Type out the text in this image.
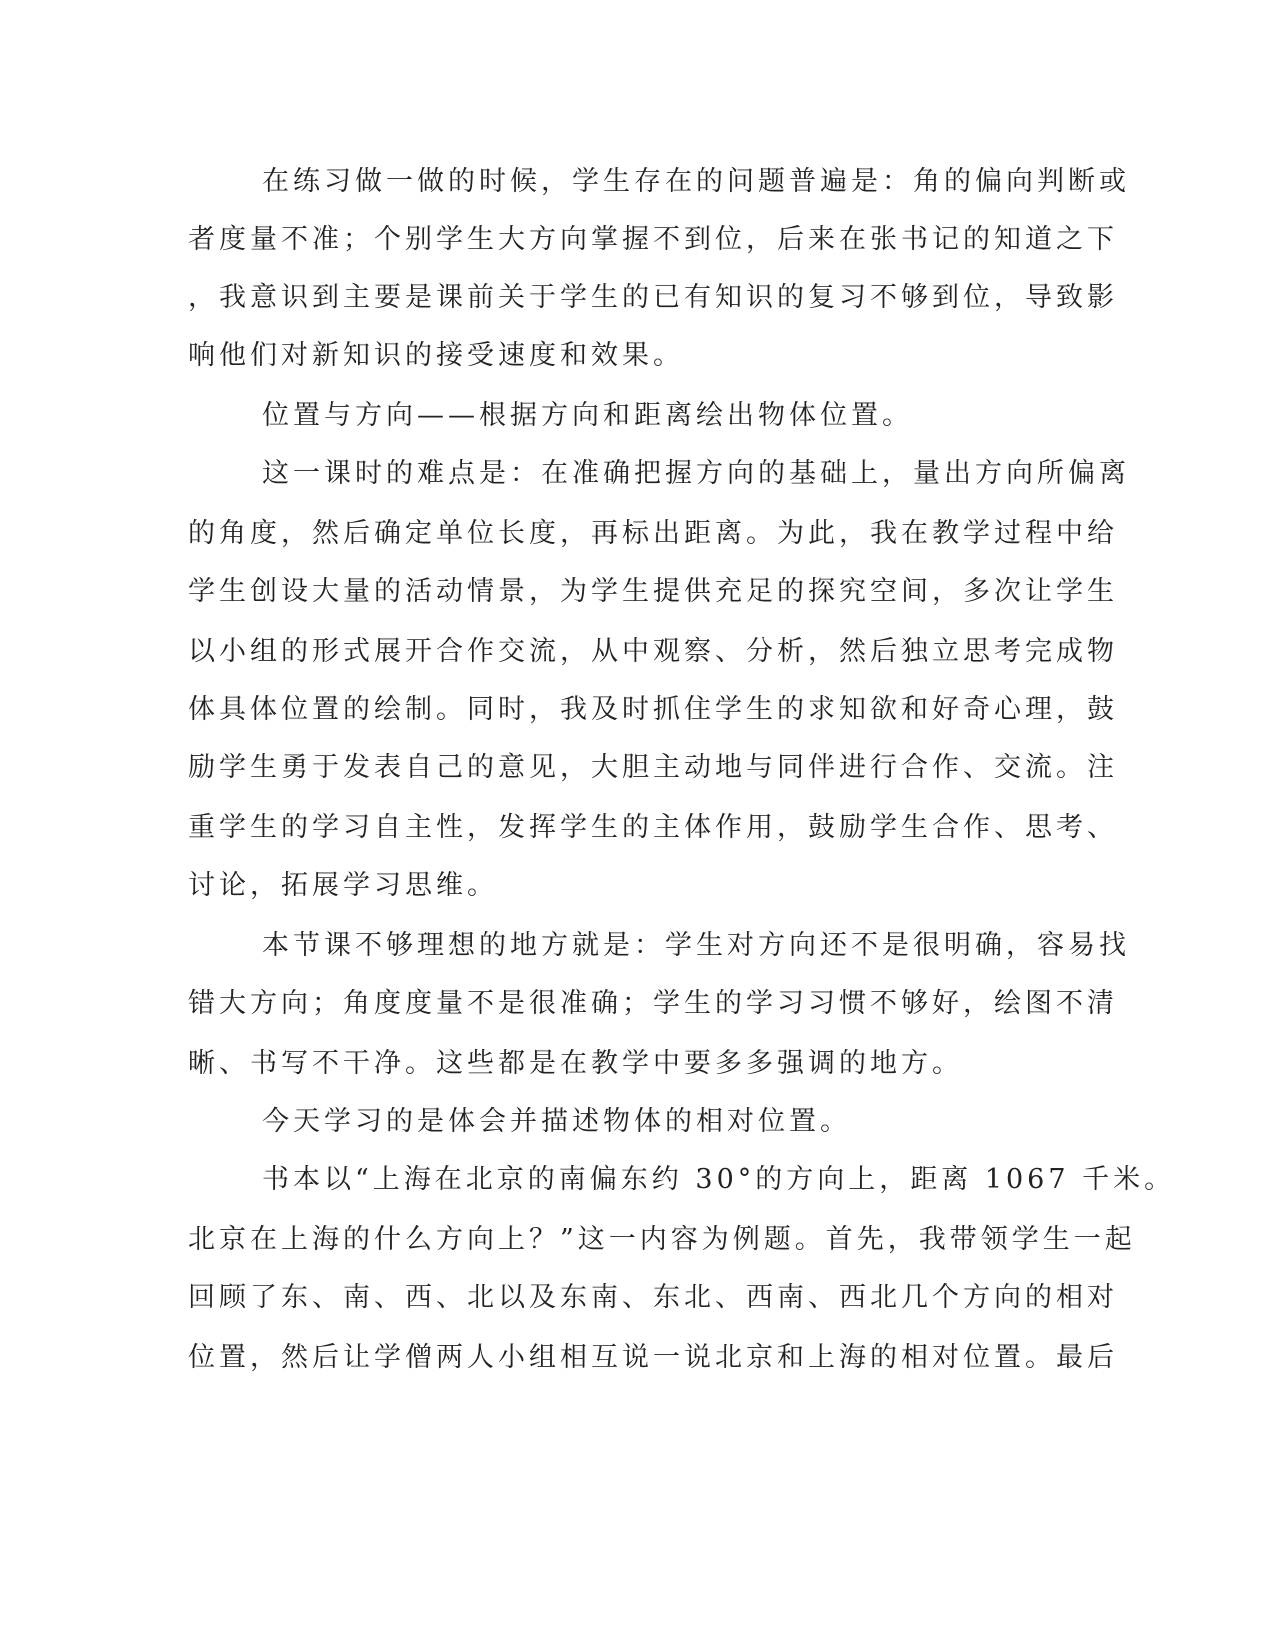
在练习做一做的时候，学生存在的问题普遍是：角的偏向判断或

者度量不准；个别学生大方向掌握不到位，后来在张书记的知道之下

，我意识到主要是课前关于学生的已有知识的复习不够到位，导致影

响他们对新知识的接受速度和效果。

位置与方向——根据方向和距离绘出物体位置。

这一课时的难点是：在准确把握方向的基础上，量出方向所偏离

的角度，然后确定单位长度，再标出距离。为此，我在教学过程中给

学生创设大量的活动情景，为学生提供充足的探究空间，多次让学生

以小组的形式展开合作交流，从中观察、分析，然后独立思考完成物

体具体位置的绘制。同时，我及时抓住学生的求知欲和好奇心理，鼓

励学生勇于发表自己的意见，大胆主动地与同伴进行合作、交流。注

重学生的学习自主性，发挥学生的主体作用，鼓励学生合作、思考、

讨论，拓展学习思维。

本节课不够理想的地方就是：学生对方向还不是很明确，容易找

错大方向；角度度量不是很准确；学生的学习习惯不够好，绘图不清

晰、书写不干净。这些都是在教学中要多多强调的地方。

今天学习的是体会并描述物体的相对位置。

书本以“上海在北京的南偏东约 30°的方向上，距离 1067 千米。

北京在上海的什么方向上？”这一内容为例题。首先，我带领学生一起

回顾了东、南、西、北以及东南、东北、西南、西北几个方向的相对

位置，然后让学僧两人小组相互说一说北京和上海的相对位置。最后
